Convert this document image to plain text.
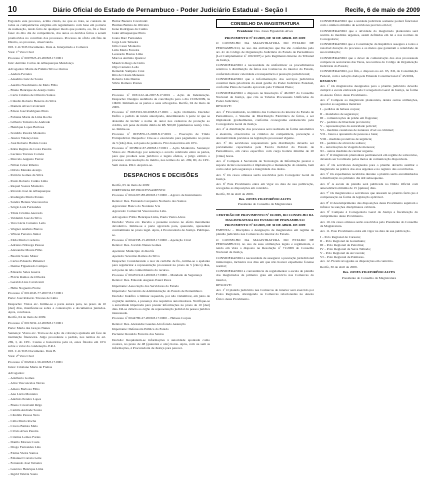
10	Diário Oficial do Estado de Pernambuco - Poder Judiciário Estadual - Seção I	Recife, 6 de maio de 2009

Esgotado este processo, acima citado, no que as trata, se constata de todas as competências exigidas em regulamento com base em portaria de nomeação, tendo feito de qualquer modo que poderia, ou, fiz e fizer fazer do dito dia de competência, dos autos os devidos feitos a serem promovidos no convênio dos processos. Processo de ofício em fins de Direito, ao processo, observando.

003. C.O.TOS Documento. Data A. Interjeitado e Comarca

Vara: 1ª Vara Cível

Processo nº 0007823-45.2008.8.17.0001

Juiz: Antônio Carlos de Albuquerque Mendonça

Advogados: Maria de Fátima Silva e Outros

– Andréa Ferreira

– Anselmo Luiz de Souza

– Aurélio Nascimento de Melo Filho

– Bruno Henrique de Araújo Lima

– Carla Cristina de Oliveira Santos

– Cláudio Roberto Bezerra da Silva

– Daniela Alves Cavalcanti

– Edson José Rodrigues Pinto

– Fabiana Maria de Lima Rocha

– Gilberto Teixeira de Andrade

– Henrique Lopes Barbosa

– Ivanildo Pereira Monteiro

– Jéssica Valença Lins

– José Roberto Batista Costa

– Kátia Regina da Costa Pereira

– Luciano Tavares Correia

– Marcelo Augusto Ferraz

– Nilton César Ribeiro

– Otávio Mendes Araújo

– Patrícia Gomes da Silva

– Paulo Roberto Cunha Lima

– Raquel Soares Monteiro

– Ricardo José de Albuquerque

– Rosângela Maria Pontes

– Sandra Helena Vasconcelos

– Sérgio Luís Fernandes

– Tânia Cristina Azevedo

– Valdemir José da Silva

– Vera Lúcia Carneiro Leão

– Wagner Antônio Barros

– Wilson Ferreira Júnior

– Zilda Maria Cordeiro

– Adriano Nóbrega Pessoa

– Alexandre Moura Filho

– Beatriz Souto Maior

– Carlos Eduardo Pimentel

– Denise Figueiredo Campos

– Eduardo Sales Guerra

– Flávia Ramos de Oliveira

– Geraldo Lins Cavalcanti

– Hélio Nogueira Freire

Processo nº 0012045-77.2007.8.17.0001

Parte: José Roberto Tavares de Lima

Despacho: Vistos etc. Intime-se a parte autora para, no prazo de 10 (dez) dias, manifestar-se sobre a contestação e documentos juntados. Após, conclusos.

Recife, 04 de maio de 2009.

Processo nº 0015632-12.2008.8.17.0001

Parte: Maria das Graças Nunes

Sentença: Vistos etc. Trata-se de ação de cobrança ajuizada em face de instituição financeira. Julgo procedente o pedido, nos termos do art. 269, I, do CPC. Custas e honorários pela ré, estes fixados em 10% sobre o valor da condenação. P.R.I.

003. C.O.TOS Documento. Data B.

Vara: 2ª Vara Cível

Processo nº 0020411-56.2008.8.17.0001

Juíza: Cristiane Maria de Freitas

Advogados:

– Adalberto Gomes

– Alice Vasconcelos Neves

– Amaro Barbosa Filho

– Ana Lúcia Monteiro

– Antônio Pereira Lopes

– Breno Cavalcanti Rêgo

– Camila Andrade Souza

– Cândido Pessoa Neto

– Célia Maria Rocha

– Cícero Batista Melo

– Clóvis Alves Pereira

– Cristina Lemos Farias

– Danilo Moraes Costa

– Diogo Fernandes Lins

– Elaine Vieira Santos

– Emanuel Correia Leite

– Fernando José Teixeira

– Gustavo Henrique Lima

– Ingrid Valéria Souto

Heitor Bezerra Cavalcanti

Hermes Batista de Oliveira

Irene Rodrigues da Cunha

Jader Albuquerque Pinto

Joana Darc Fernandes

Jorge Luiz Teixeira

Júlio Cesar Monteiro

Lêda Maria Ferreira

Leonardo Bastos Lima

Marcos Antônio Queiroz

Maurício Rego de Lima

Olga Carneiro Leão

Reinaldo Sampaio Cruz

Rita de Cássia Menezes

Roberta Lins Dantas

Sílvio Romero Pontes

Processo nº 0031122-44.2007.8.17.0001 – Ação de Indenização. Despacho: Designo audiência de conciliação para o dia 15/06/2009, às 10h00. Intimem-se as partes e seus advogados. Recife, 04 de maio de 2009.

Processo nº 0033301-90.2008.8.17.0001 – Ação Ordinária. Decisão: Defiro o pedido de tutela antecipada, determinando à parte ré que se abstenha de incluir o nome do autor nos cadastros de proteção ao crédito, sob pena de multa diária de R$ 500,00 (quinhentos reais). Cite-se. Intime-se.

Processo nº 0035876-13.2008.8.17.0001 – Execução de Título Extrajudicial. Despacho: Cite-se o executado para pagamento no prazo de 3 (três) dias, sob pena de penhora. Fixo honorários em 10%.

Processo nº 0038912-67.2008.8.17.0001 – Ação Monitória. Sentença: Vistos etc. Homologo por sentença o acordo celebrado entre as partes, para que produza seus jurídicos e legais efeitos, e julgo extinto o processo com resolução do mérito, nos termos do art. 269, III, do CPC. Sem custas. P.R.I. Arquive-se.

DESPACHOS E DECISÕES

Recife, 05 de maio de 2009

DIRETORIA DE PROCESSAMENTO

Processo nº 0041207-88.2009.8.17.0000 – Agravo de Instrumento

Relator: Des. Fernando Cerqueira Norberto dos Santos

Agravante: Banco do Nordeste S/A

Agravado: Comercial Vasconcelos Ltda.

Advogados: Fábio Henrique Lima, Paula Vieira Alves

Decisão: Vistos etc. Recebo o presente recurso no efeito meramente devolutivo. Intime-se a parte agravada para, querendo, apresentar contraminuta no prazo legal. Após, à Procuradoria de Justiça. Publique-se.

Processo nº 0042338-15.2009.8.17.0000 – Apelação Cível

Relator: Des. Jovaldo Nunes Gomes

Apelante: Município do Recife

Apelado: Severino Ramos da Silva

Despacho: Considerando o teor da certidão de fls., intime-se o apelante para regularizar a representação processual no prazo de 5 (cinco) dias, sob pena de não conhecimento do recurso.

Processo nº 0043519-61.2009.8.17.0000 – Mandado de Segurança

Relator: Des. Eduardo Augusto Paurá Peres

Impetrante: Associação dos Servidores do Estado

Impetrado: Secretário de Administração do Estado de Pernambuco

Decisão: Indefiro a liminar requerida, por não vislumbrar, em juízo de cognição sumária, a presença dos requisitos autorizadores. Notifique-se a autoridade impetrada para prestar informações no prazo de 10 (dez) dias. Dê-se ciência ao órgão de representação judicial da pessoa jurídica interessada.

Processo nº 0044780-27.2009.8.17.0000 – Habeas Corpus

Relator: Des. Alexandre Guedes Alcoforado Assunção

Impetrante: Defensoria Pública do Estado

Paciente: Ronaldo Ferreira dos Santos

Decisão: Requisitem-se informações à autoridade apontada como coatora, no prazo de 48 (quarenta e oito) horas. Após, com ou sem as informações, à Procuradoria de Justiça para parecer.

CONSELHO DA MAGISTRATURA
Presidente: Des. Jones Figueirêdo Alves

PROVIMENTO Nº 01/2009, DE 30 DE ABRIL DE 2009

O CONSELHO DA MAGISTRATURA DO ESTADO DE PERNAMBUCO, no uso das atribuições que lhe são conferidas pelo art. 41 do Código de Organização Judiciária do Estado de Pernambuco (Lei Complementar nº 100/2007) e pelo Regimento Interno do Tribunal de Justiça,

CONSIDERANDO a necessidade de uniformizar os procedimentos relativos à distribuição de feitos nas Comarcas do interior do Estado, conferindo maior celeridade e transparência à prestação jurisdicional;

CONSIDERANDO que a informatização dos serviços judiciários constitui meta prioritária da atual gestão do Poder Judiciário Estadual, conforme Plano de Gestão aprovado pelo Tribunal Pleno;

CONSIDERANDO o disposto na Resolução nº 46/2007 do Conselho Nacional de Justiça, que cria as Tabelas Processuais Unificadas do Poder Judiciário;

RESOLVE:

Art. 1º Fica instituído, no âmbito das Comarcas do interior do Estado de Pernambuco, o Sistema de Distribuição Eletrônica de feitos, a ser implantado gradualmente, conforme cronograma estabelecido pela Corregedoria Geral da Justiça.

Art. 2º A distribuição dos processos será realizada de forma automática e aleatória, observados os critérios de competência, prevenção e alternatividade previstos na legislação processual vigente.

Art. 3º Os servidores responsáveis pela distribuição deverão ser previamente capacitados pela Escola Judicial do Estado de Pernambuco, em curso específico com carga horária mínima de 20 (vinte) horas.

Art. 4º Compete à Secretaria de Tecnologia da Informação prestar o suporte técnico necessário à implantação e manutenção do sistema, bem como zelar pela segurança e integridade dos dados.

Art. 5º Os casos omissos serão resolvidos pelo Corregedor Geral da Justiça.

Art. 6º Este Provimento entra em vigor na data de sua publicação, revogadas as disposições em contrário.

Recife, 30 de abril de 2009.

Des. JONES FIGUEIRÊDO ALVES

Presidente do Conselho da Magistratura

CERTIDÃO DE PROVIMENTO Nº 02/2009, DO CONSELHO DA MAGISTRATURA DO ESTADO DE PERNAMBUCO

PROVIMENTO Nº 02/2009, DE 30 DE ABRIL DE 2009

EMENTA: – Disciplina a designação de magistrados em regime de plantão judiciário nas Comarcas do interior do Estado.

O CONSELHO DA MAGISTRATURA DO ESTADO DE PERNAMBUCO, no uso de suas atribuições legais e regimentais, e tendo em vista o disposto na Resolução nº 71/2009 do Conselho Nacional de Justiça,

CONSIDERANDO a necessidade de assegurar a prestação jurisdicional ininterrupta, inclusive nos dias em que não houver expediente forense normal;

CONSIDERANDO a conveniência de regulamentar a escala de plantão dos magistrados de primeiro grau em exercício nas Comarcas do interior,

RESOLVE:

Art. 1º O plantão judiciário nas Comarcas do interior será exercido por Polos Regionais, abrangendo as Comarcas relacionadas no Anexo Único deste Provimento.

CONSIDERANDO que a unidade judiciária somente poderá funcionar com o número mínimo de servidores previsto em lei;

CONSIDERANDO que a atividade do magistrado plantonista será restrita às medidas urgentes, assim definidas em lei e nas normas da Corregedoria;

CONSIDERANDO que a Constituição da República assegura a todos a razoável duração do processo e os meios que garantam a celeridade de sua tramitação;

CONSIDERANDO que o dever de comunicação dos atos processuais compete às secretarias das Varas, nos termos do Código de Organização Judiciária do Estado;

CONSIDERANDO, por fim, o disposto no art. 93, XII, da Constituição Federal, com a redação dada pela Emenda Constitucional nº 45/2004,

RESOLVE:

Art. 1º Os magistrados designados para o plantão judiciário deverão cumprir a escala elaborada pela Corregedoria Geral da Justiça, na forma do Anexo Único deste Provimento.

Art. 2º Compete ao magistrado plantonista, dentre outras atribuições, apreciar as seguintes matérias:

I – pedidos de habeas corpus;

II – mandados de segurança;

III – comunicações de prisão em flagrante;

IV – pedidos de liberdade provisória;

V – representações da autoridade policial;

VI – medidas cautelares de natureza cível ou criminal;

VII – busca e apreensão de pessoas e bens;

VIII – medidas protetivas de urgência;

IX – pedidos de alvará de soltura;

X – autorizações de viagem de menores;

XI – outras medidas de caráter urgente.

Art. 3º O magistrado plantonista permanecerá em regime de sobreaviso, devendo ser localizado pelos meios de comunicação disponíveis.

Art. 4º Os servidores designados para o plantão deverão auxiliar o magistrado na prática dos atos urgentes e no registro das ocorrências.

Art. 5º Os expedientes recebidos durante o plantão serão encaminhados à distribuição no primeiro dia útil subsequente.

Art. 6º A escala de plantão será publicada no Diário Oficial com antecedência mínima de 15 (quinze) dias.

Art. 7º Os magistrados e servidores que atuarem no plantão farão jus à compensação na forma da legislação aplicável.

Art. 8º O descumprimento das disposições deste Provimento sujeitará o infrator às sanções disciplinares cabíveis.

Art. 9º Compete à Corregedoria Geral da Justiça a fiscalização do cumprimento deste Provimento.

Art. 10. Os casos omissos serão resolvidos pelo Presidente do Conselho da Magistratura.

Art. 11. Este Provimento entra em vigor na data de sua publicação.

I – Polo Regional de Caruaru;

II – Polo Regional de Garanhuns;

III – Polo Regional de Petrolina;

IV – Polo Regional de Serra Talhada;

V – Polo Regional de Arcoverde;

VI – Polo Regional de Palmares.

Art. 12. Ficam revogadas as disposições em contrário.

Recife, 30 de abril de 2009.

Des. JONES FIGUEIRÊDO ALVES

Presidente do Conselho da Magistratura
